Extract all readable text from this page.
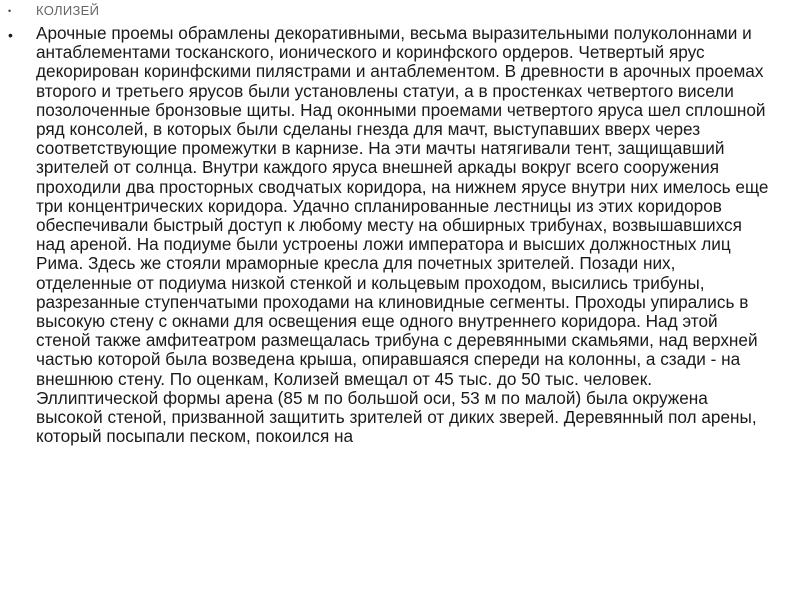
•	КОЛИЗЕЙ
•	Арочные проемы обрамлены декоративными, весьма выразительными полуколоннами и антаблементами тосканского, ионического и коринфского ордеров. Четвертый ярус декорирован коринфскими пилястрами и антаблементом. В древности в арочных проемах второго и третьего ярусов были установлены статуи, а в простенках четвертого висели позолоченные бронзовые щиты. Над оконными проемами четвертого яруса шел сплошной ряд консолей, в которых были сделаны гнезда для мачт, выступавших вверх через соответствующие промежутки в карнизе. На эти мачты натягивали тент, защищавший зрителей от солнца. Внутри каждого яруса внешней аркады вокруг всего сооружения проходили два просторных сводчатых коридора, на нижнем ярусе внутри них имелось еще три концентрических коридора. Удачно спланированные лестницы из этих коридоров обеспечивали быстрый доступ к любому месту на обширных трибунах, возвышавшихся над ареной. На подиуме были устроены ложи императора и высших должностных лиц Рима. Здесь же стояли мраморные кресла для почетных зрителей. Позади них, отделенные от подиума низкой стенкой и кольцевым проходом, высились трибуны, разрезанные ступенчатыми проходами на клиновидные сегменты. Проходы упирались в высокую стену с окнами для освещения еще одного внутреннего коридора. Над этой стеной также амфитеатром размещалась трибуна с деревянными скамьями, над верхней частью которой была возведена крыша, опиравшаяся спереди на колонны, а сзади - на внешнюю стену. По оценкам, Колизей вмещал от 45 тыс. до 50 тыс. человек. Эллиптической формы арена (85 м по большой оси, 53 м по малой) была окружена высокой стеной, призванной защитить зрителей от диких зверей. Деревянный пол арены, который посыпали песком, покоился на
